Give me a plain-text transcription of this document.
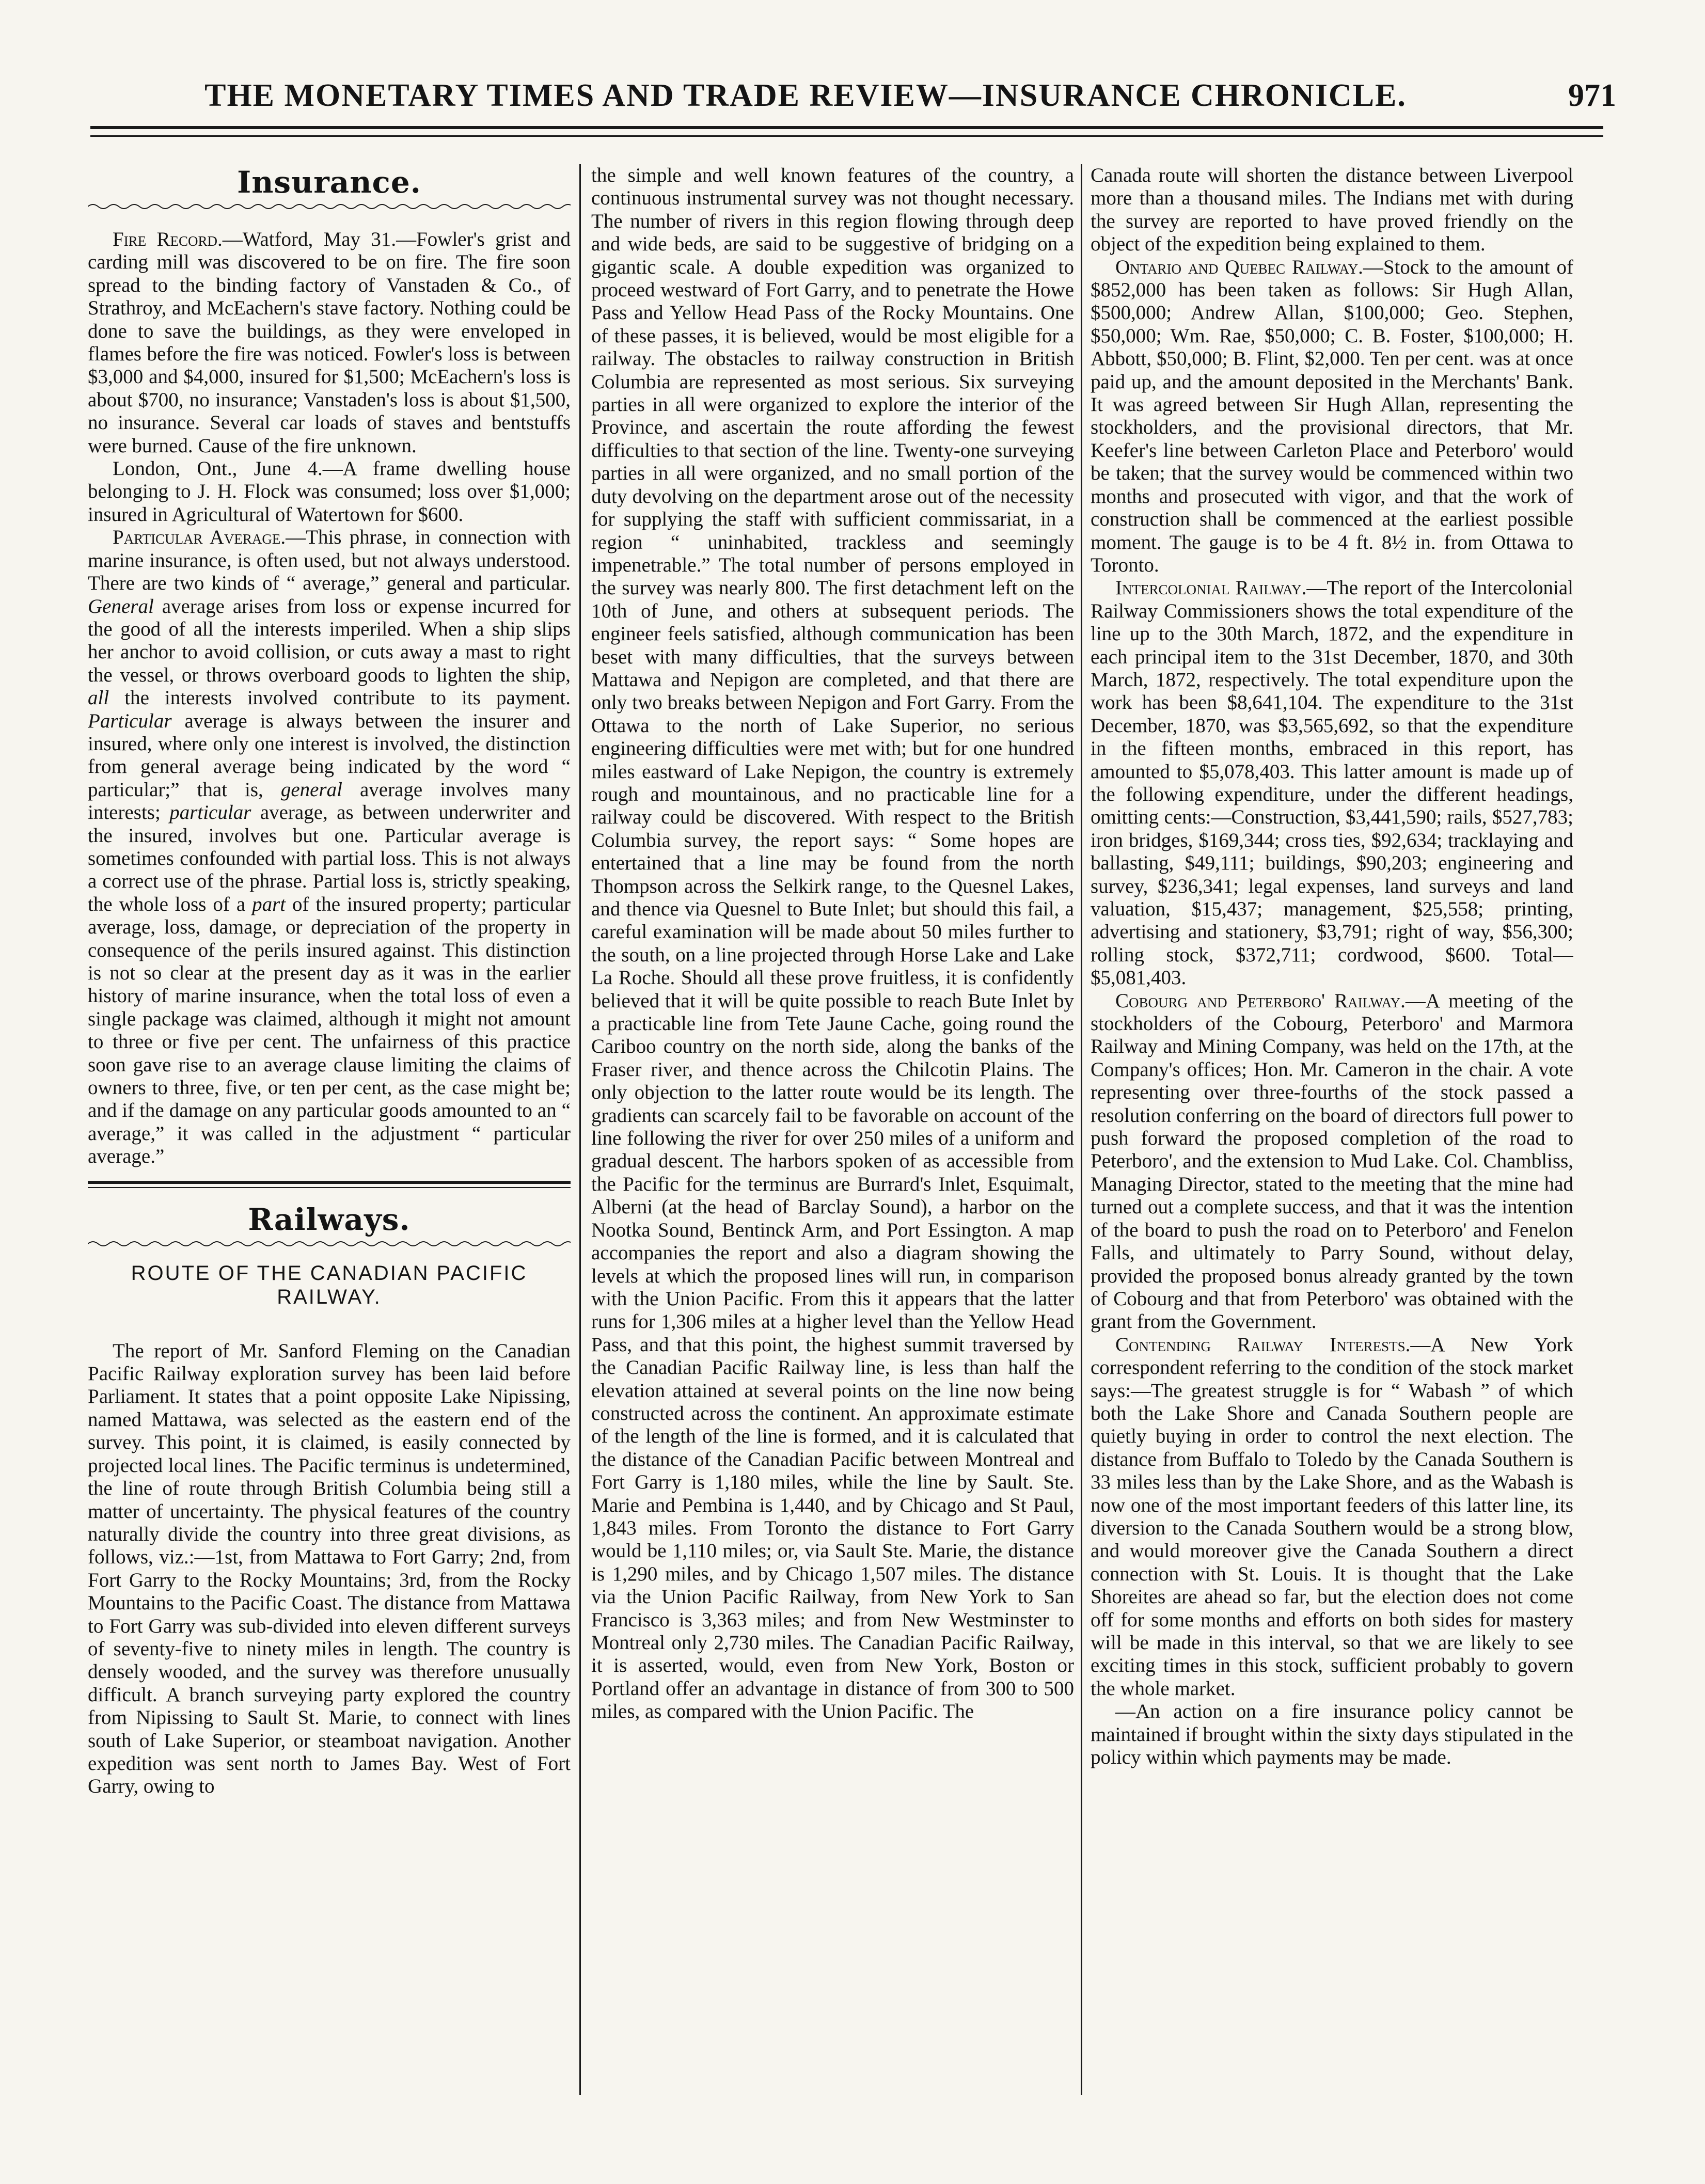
THE MONETARY TIMES AND TRADE REVIEW—INSURANCE CHRONICLE.	971
Insurance.

Fire Record.—Watford, May 31.—Fowler's grist and carding mill was discovered to be on fire. The fire soon spread to the binding factory of Vanstaden & Co., of Strathroy, and McEachern's stave factory. Nothing could be done to save the buildings, as they were enveloped in flames before the fire was noticed. Fowler's loss is between $3,000 and $4,000, insured for $1,500; McEachern's loss is about $700, no insurance; Vanstaden's loss is about $1,500, no insurance. Several car loads of staves and bentstuffs were burned. Cause of the fire unknown.

London, Ont., June 4.—A frame dwelling house belonging to J. H. Flock was consumed; loss over $1,000; insured in Agricultural of Watertown for $600.

Particular Average.—This phrase, in connection with marine insurance, is often used, but not always understood. There are two kinds of “ average,” general and particular. General average arises from loss or expense incurred for the good of all the interests imperiled. When a ship slips her anchor to avoid collision, or cuts away a mast to right the vessel, or throws overboard goods to lighten the ship, all the interests involved contribute to its payment. Particular average is always between the insurer and insured, where only one interest is involved, the distinction from general average being indicated by the word “ particular;” that is, general average involves many interests; particular average, as between underwriter and the insured, involves but one. Particular average is sometimes confounded with partial loss. This is not always a correct use of the phrase. Partial loss is, strictly speaking, the whole loss of a part of the insured property; particular average, loss, damage, or depreciation of the property in consequence of the perils insured against. This distinction is not so clear at the present day as it was in the earlier history of marine insurance, when the total loss of even a single package was claimed, although it might not amount to three or five per cent. The unfairness of this practice soon gave rise to an average clause limiting the claims of owners to three, five, or ten per cent, as the case might be; and if the damage on any particular goods amounted to an “ average,” it was called in the adjustment “ particular average.”

Railways.
ROUTE OF THE CANADIAN PACIFIC RAILWAY.

The report of Mr. Sanford Fleming on the Canadian Pacific Railway exploration survey has been laid before Parliament. It states that a point opposite Lake Nipissing, named Mattawa, was selected as the eastern end of the survey. This point, it is claimed, is easily connected by projected local lines. The Pacific terminus is undetermined, the line of route through British Columbia being still a matter of uncertainty. The physical features of the country naturally divide the country into three great divisions, as follows, viz.:—1st, from Mattawa to Fort Garry; 2nd, from Fort Garry to the Rocky Mountains; 3rd, from the Rocky Mountains to the Pacific Coast. The distance from Mattawa to Fort Garry was sub-divided into eleven different surveys of seventy-five to ninety miles in length. The country is densely wooded, and the survey was therefore unusually difficult. A branch surveying party explored the country from Nipissing to Sault St. Marie, to connect with lines south of Lake Superior, or steamboat navigation. Another expedition was sent north to James Bay. West of Fort Garry, owing to

the simple and well known features of the country, a continuous instrumental survey was not thought necessary. The number of rivers in this region flowing through deep and wide beds, are said to be suggestive of bridging on a gigantic scale. A double expedition was organized to proceed westward of Fort Garry, and to penetrate the Howe Pass and Yellow Head Pass of the Rocky Mountains. One of these passes, it is believed, would be most eligible for a railway. The obstacles to railway construction in British Columbia are represented as most serious. Six surveying parties in all were organized to explore the interior of the Province, and ascertain the route affording the fewest difficulties to that section of the line. Twenty-one surveying parties in all were organized, and no small portion of the duty devolving on the department arose out of the necessity for supplying the staff with sufficient commissariat, in a region “ uninhabited, trackless and seemingly impenetrable.” The total number of persons employed in the survey was nearly 800. The first detachment left on the 10th of June, and others at subsequent periods. The engineer feels satisfied, although communication has been beset with many difficulties, that the surveys between Mattawa and Nepigon are completed, and that there are only two breaks between Nepigon and Fort Garry. From the Ottawa to the north of Lake Superior, no serious engineering difficulties were met with; but for one hundred miles eastward of Lake Nepigon, the country is extremely rough and mountainous, and no practicable line for a railway could be discovered. With respect to the British Columbia survey, the report says: “ Some hopes are entertained that a line may be found from the north Thompson across the Selkirk range, to the Quesnel Lakes, and thence via Quesnel to Bute Inlet; but should this fail, a careful examination will be made about 50 miles further to the south, on a line projected through Horse Lake and Lake La Roche. Should all these prove fruitless, it is confidently believed that it will be quite possible to reach Bute Inlet by a practicable line from Tete Jaune Cache, going round the Cariboo country on the north side, along the banks of the Fraser river, and thence across the Chilcotin Plains. The only objection to the latter route would be its length. The gradients can scarcely fail to be favorable on account of the line following the river for over 250 miles of a uniform and gradual descent. The harbors spoken of as accessible from the Pacific for the terminus are Burrard's Inlet, Esquimalt, Alberni (at the head of Barclay Sound), a harbor on the Nootka Sound, Bentinck Arm, and Port Essington. A map accompanies the report and also a diagram showing the levels at which the proposed lines will run, in comparison with the Union Pacific. From this it appears that the latter runs for 1,306 miles at a higher level than the Yellow Head Pass, and that this point, the highest summit traversed by the Canadian Pacific Railway line, is less than half the elevation attained at several points on the line now being constructed across the continent. An approximate estimate of the length of the line is formed, and it is calculated that the distance of the Canadian Pacific between Montreal and Fort Garry is 1,180 miles, while the line by Sault. Ste. Marie and Pembina is 1,440, and by Chicago and St Paul, 1,843 miles. From Toronto the distance to Fort Garry would be 1,110 miles; or, via Sault Ste. Marie, the distance is 1,290 miles, and by Chicago 1,507 miles. The distance via the Union Pacific Railway, from New York to San Francisco is 3,363 miles; and from New Westminster to Montreal only 2,730 miles. The Canadian Pacific Railway, it is asserted, would, even from New York, Boston or Portland offer an advantage in distance of from 300 to 500 miles, as compared with the Union Pacific. The

Canada route will shorten the distance between Liverpool more than a thousand miles. The Indians met with during the survey are reported to have proved friendly on the object of the expedition being explained to them.

Ontario and Quebec Railway.—Stock to the amount of $852,000 has been taken as follows: Sir Hugh Allan, $500,000; Andrew Allan, $100,000; Geo. Stephen, $50,000; Wm. Rae, $50,000; C. B. Foster, $100,000; H. Abbott, $50,000; B. Flint, $2,000. Ten per cent. was at once paid up, and the amount deposited in the Merchants' Bank. It was agreed between Sir Hugh Allan, representing the stockholders, and the provisional directors, that Mr. Keefer's line between Carleton Place and Peterboro' would be taken; that the survey would be commenced within two months and prosecuted with vigor, and that the work of construction shall be commenced at the earliest possible moment. The gauge is to be 4 ft. 8½ in. from Ottawa to Toronto.

Intercolonial Railway.—The report of the Intercolonial Railway Commissioners shows the total expenditure of the line up to the 30th March, 1872, and the expenditure in each principal item to the 31st December, 1870, and 30th March, 1872, respectively. The total expenditure upon the work has been $8,641,104. The expenditure to the 31st December, 1870, was $3,565,692, so that the expenditure in the fifteen months, embraced in this report, has amounted to $5,078,403. This latter amount is made up of the following expenditure, under the different headings, omitting cents:—Construction, $3,441,590; rails, $527,783; iron bridges, $169,344; cross ties, $92,634; tracklaying and ballasting, $49,111; buildings, $90,203; engineering and survey, $236,341; legal expenses, land surveys and land valuation, $15,437; management, $25,558; printing, advertising and stationery, $3,791; right of way, $56,300; rolling stock, $372,711; cordwood, $600. Total—$5,081,403.

Cobourg and Peterboro' Railway.—A meeting of the stockholders of the Cobourg, Peterboro' and Marmora Railway and Mining Company, was held on the 17th, at the Company's offices; Hon. Mr. Cameron in the chair. A vote representing over three-fourths of the stock passed a resolution conferring on the board of directors full power to push forward the proposed completion of the road to Peterboro', and the extension to Mud Lake. Col. Chambliss, Managing Director, stated to the meeting that the mine had turned out a complete success, and that it was the intention of the board to push the road on to Peterboro' and Fenelon Falls, and ultimately to Parry Sound, without delay, provided the proposed bonus already granted by the town of Cobourg and that from Peterboro' was obtained with the grant from the Government.

Contending Railway Interests.—A New York correspondent referring to the condition of the stock market says:—The greatest struggle is for “ Wabash ” of which both the Lake Shore and Canada Southern people are quietly buying in order to control the next election. The distance from Buffalo to Toledo by the Canada Southern is 33 miles less than by the Lake Shore, and as the Wabash is now one of the most important feeders of this latter line, its diversion to the Canada Southern would be a strong blow, and would moreover give the Canada Southern a direct connection with St. Louis. It is thought that the Lake Shoreites are ahead so far, but the election does not come off for some months and efforts on both sides for mastery will be made in this interval, so that we are likely to see exciting times in this stock, sufficient probably to govern the whole market.

—An action on a fire insurance policy cannot be maintained if brought within the sixty days stipulated in the policy within which payments may be made.
